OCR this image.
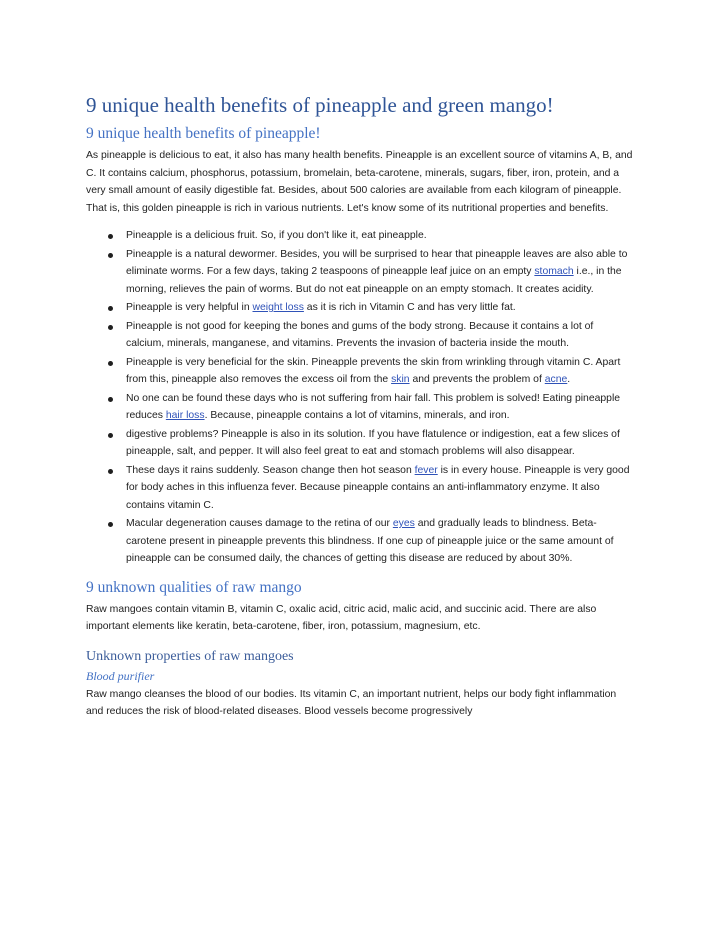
9 unique health benefits of pineapple and green mango!
9 unique health benefits of pineapple!

As pineapple is delicious to eat, it also has many health benefits. Pineapple is an excellent source of vitamins A, B, and C. It contains calcium, phosphorus, potassium, bromelain, beta-carotene, minerals, sugars, fiber, iron, protein, and a very small amount of easily digestible fat. Besides, about 500 calories are available from each kilogram of pineapple. That is, this golden pineapple is rich in various nutrients. Let's know some of its nutritional properties and benefits.

Pineapple is a delicious fruit. So, if you don't like it, eat pineapple.
Pineapple is a natural dewormer. Besides, you will be surprised to hear that pineapple leaves are also able to eliminate worms. For a few days, taking 2 teaspoons of pineapple leaf juice on an empty stomach i.e., in the morning, relieves the pain of worms. But do not eat pineapple on an empty stomach. It creates acidity.
Pineapple is very helpful in weight loss as it is rich in Vitamin C and has very little fat.
Pineapple is not good for keeping the bones and gums of the body strong. Because it contains a lot of calcium, minerals, manganese, and vitamins. Prevents the invasion of bacteria inside the mouth.
Pineapple is very beneficial for the skin. Pineapple prevents the skin from wrinkling through vitamin C. Apart from this, pineapple also removes the excess oil from the skin and prevents the problem of acne.
No one can be found these days who is not suffering from hair fall. This problem is solved! Eating pineapple reduces hair loss. Because, pineapple contains a lot of vitamins, minerals, and iron.
digestive problems? Pineapple is also in its solution. If you have flatulence or indigestion, eat a few slices of pineapple, salt, and pepper. It will also feel great to eat and stomach problems will also disappear.
These days it rains suddenly. Season change then hot season fever is in every house. Pineapple is very good for body aches in this influenza fever. Because pineapple contains an anti-inflammatory enzyme. It also contains vitamin C.
Macular degeneration causes damage to the retina of our eyes and gradually leads to blindness. Beta-carotene present in pineapple prevents this blindness. If one cup of pineapple juice or the same amount of pineapple can be consumed daily, the chances of getting this disease are reduced by about 30%.
9 unknown qualities of raw mango

Raw mangoes contain vitamin B, vitamin C, oxalic acid, citric acid, malic acid, and succinic acid. There are also important elements like keratin, beta-carotene, fiber, iron, potassium, magnesium, etc.

Unknown properties of raw mangoes
Blood purifier

Raw mango cleanses the blood of our bodies. Its vitamin C, an important nutrient, helps our body fight inflammation and reduces the risk of blood-related diseases. Blood vessels become progressively
